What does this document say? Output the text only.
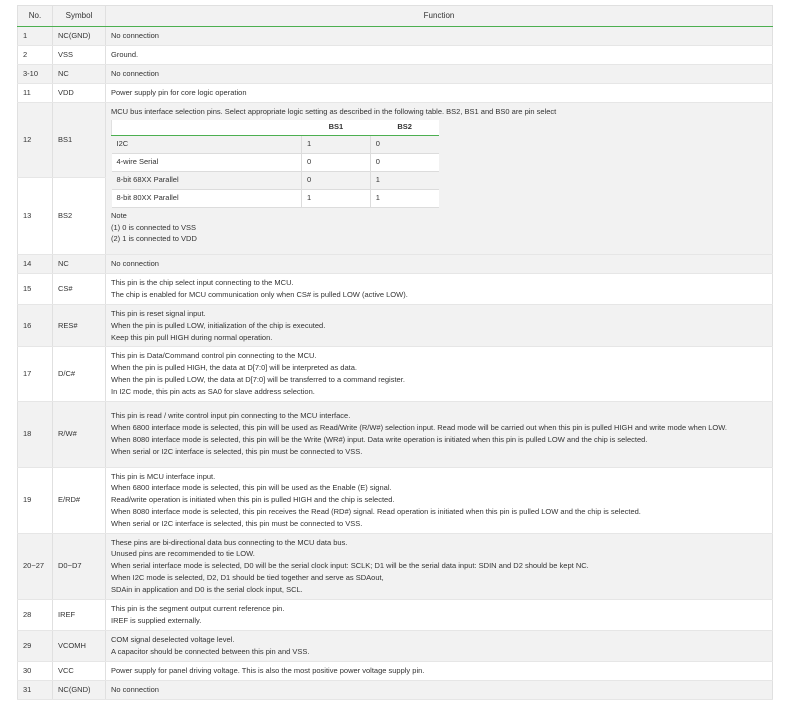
No.	Symbol	Function
1	NC(GND)	No connection

2	VSS	Ground.

3-10	NC	No connection

11	VDD	Power supply pin for core logic operation

12	BS1	
MCU bus interface selection pins. Select appropriate logic setting as described in the following table. BS2, BS1 and BS0 are pin select
	BS1	BS2
I2C	1	0
4-wire Serial	0	0
8-bit 68XX Parallel	0	1
8-bit 80XX Parallel	1	1
Note
(1) 0 is connected to VSS
(2) 1 is connected to VDD

13	BS2
14	NC	No connection

15	CS#	
This pin is the chip select input connecting to the MCU.
The chip is enabled for MCU communication only when CS# is pulled LOW (active LOW).

16	RES#	
This pin is reset signal input.
When the pin is pulled LOW, initialization of the chip is executed.
Keep this pin pull HIGH during normal operation.

17	D/C#	
This pin is Data/Command control pin connecting to the MCU.
When the pin is pulled HIGH, the data at D[7:0] will be interpreted as data.
When the pin is pulled LOW, the data at D[7:0] will be transferred to a command register.
In I2C mode, this pin acts as SA0 for slave address selection.

18	R/W#	
This pin is read / write control input pin connecting to the MCU interface.
When 6800 interface mode is selected, this pin will be used as Read/Write (R/W#) selection input. Read mode will be carried out when this pin is pulled HIGH and write mode when LOW.
When 8080 interface mode is selected, this pin will be the Write (WR#) input. Data write operation is initiated when this pin is pulled LOW and the chip is selected.
When serial or I2C interface is selected, this pin must be connected to VSS.

19	E/RD#	
This pin is MCU interface input.
When 6800 interface mode is selected, this pin will be used as the Enable (E) signal.
Read/write operation is initiated when this pin is pulled HIGH and the chip is selected.
When 8080 interface mode is selected, this pin receives the Read (RD#) signal. Read operation is initiated when this pin is pulled LOW and the chip is selected.
When serial or I2C interface is selected, this pin must be connected to VSS.

20~27	D0~D7	
These pins are bi-directional data bus connecting to the MCU data bus.
Unused pins are recommended to tie LOW.
When serial interface mode is selected, D0 will be the serial clock input: SCLK; D1 will be the serial data input: SDIN and D2 should be kept NC.
When I2C mode is selected, D2, D1 should be tied together and serve as SDAout,
SDAin in application and D0 is the serial clock input, SCL.

28	IREF	
This pin is the segment output current reference pin.
IREF is supplied externally.

29	VCOMH	
COM signal deselected voltage level.
A capacitor should be connected between this pin and VSS.

30	VCC	Power supply for panel driving voltage. This is also the most positive power voltage supply pin.

31	NC(GND)	No connection
